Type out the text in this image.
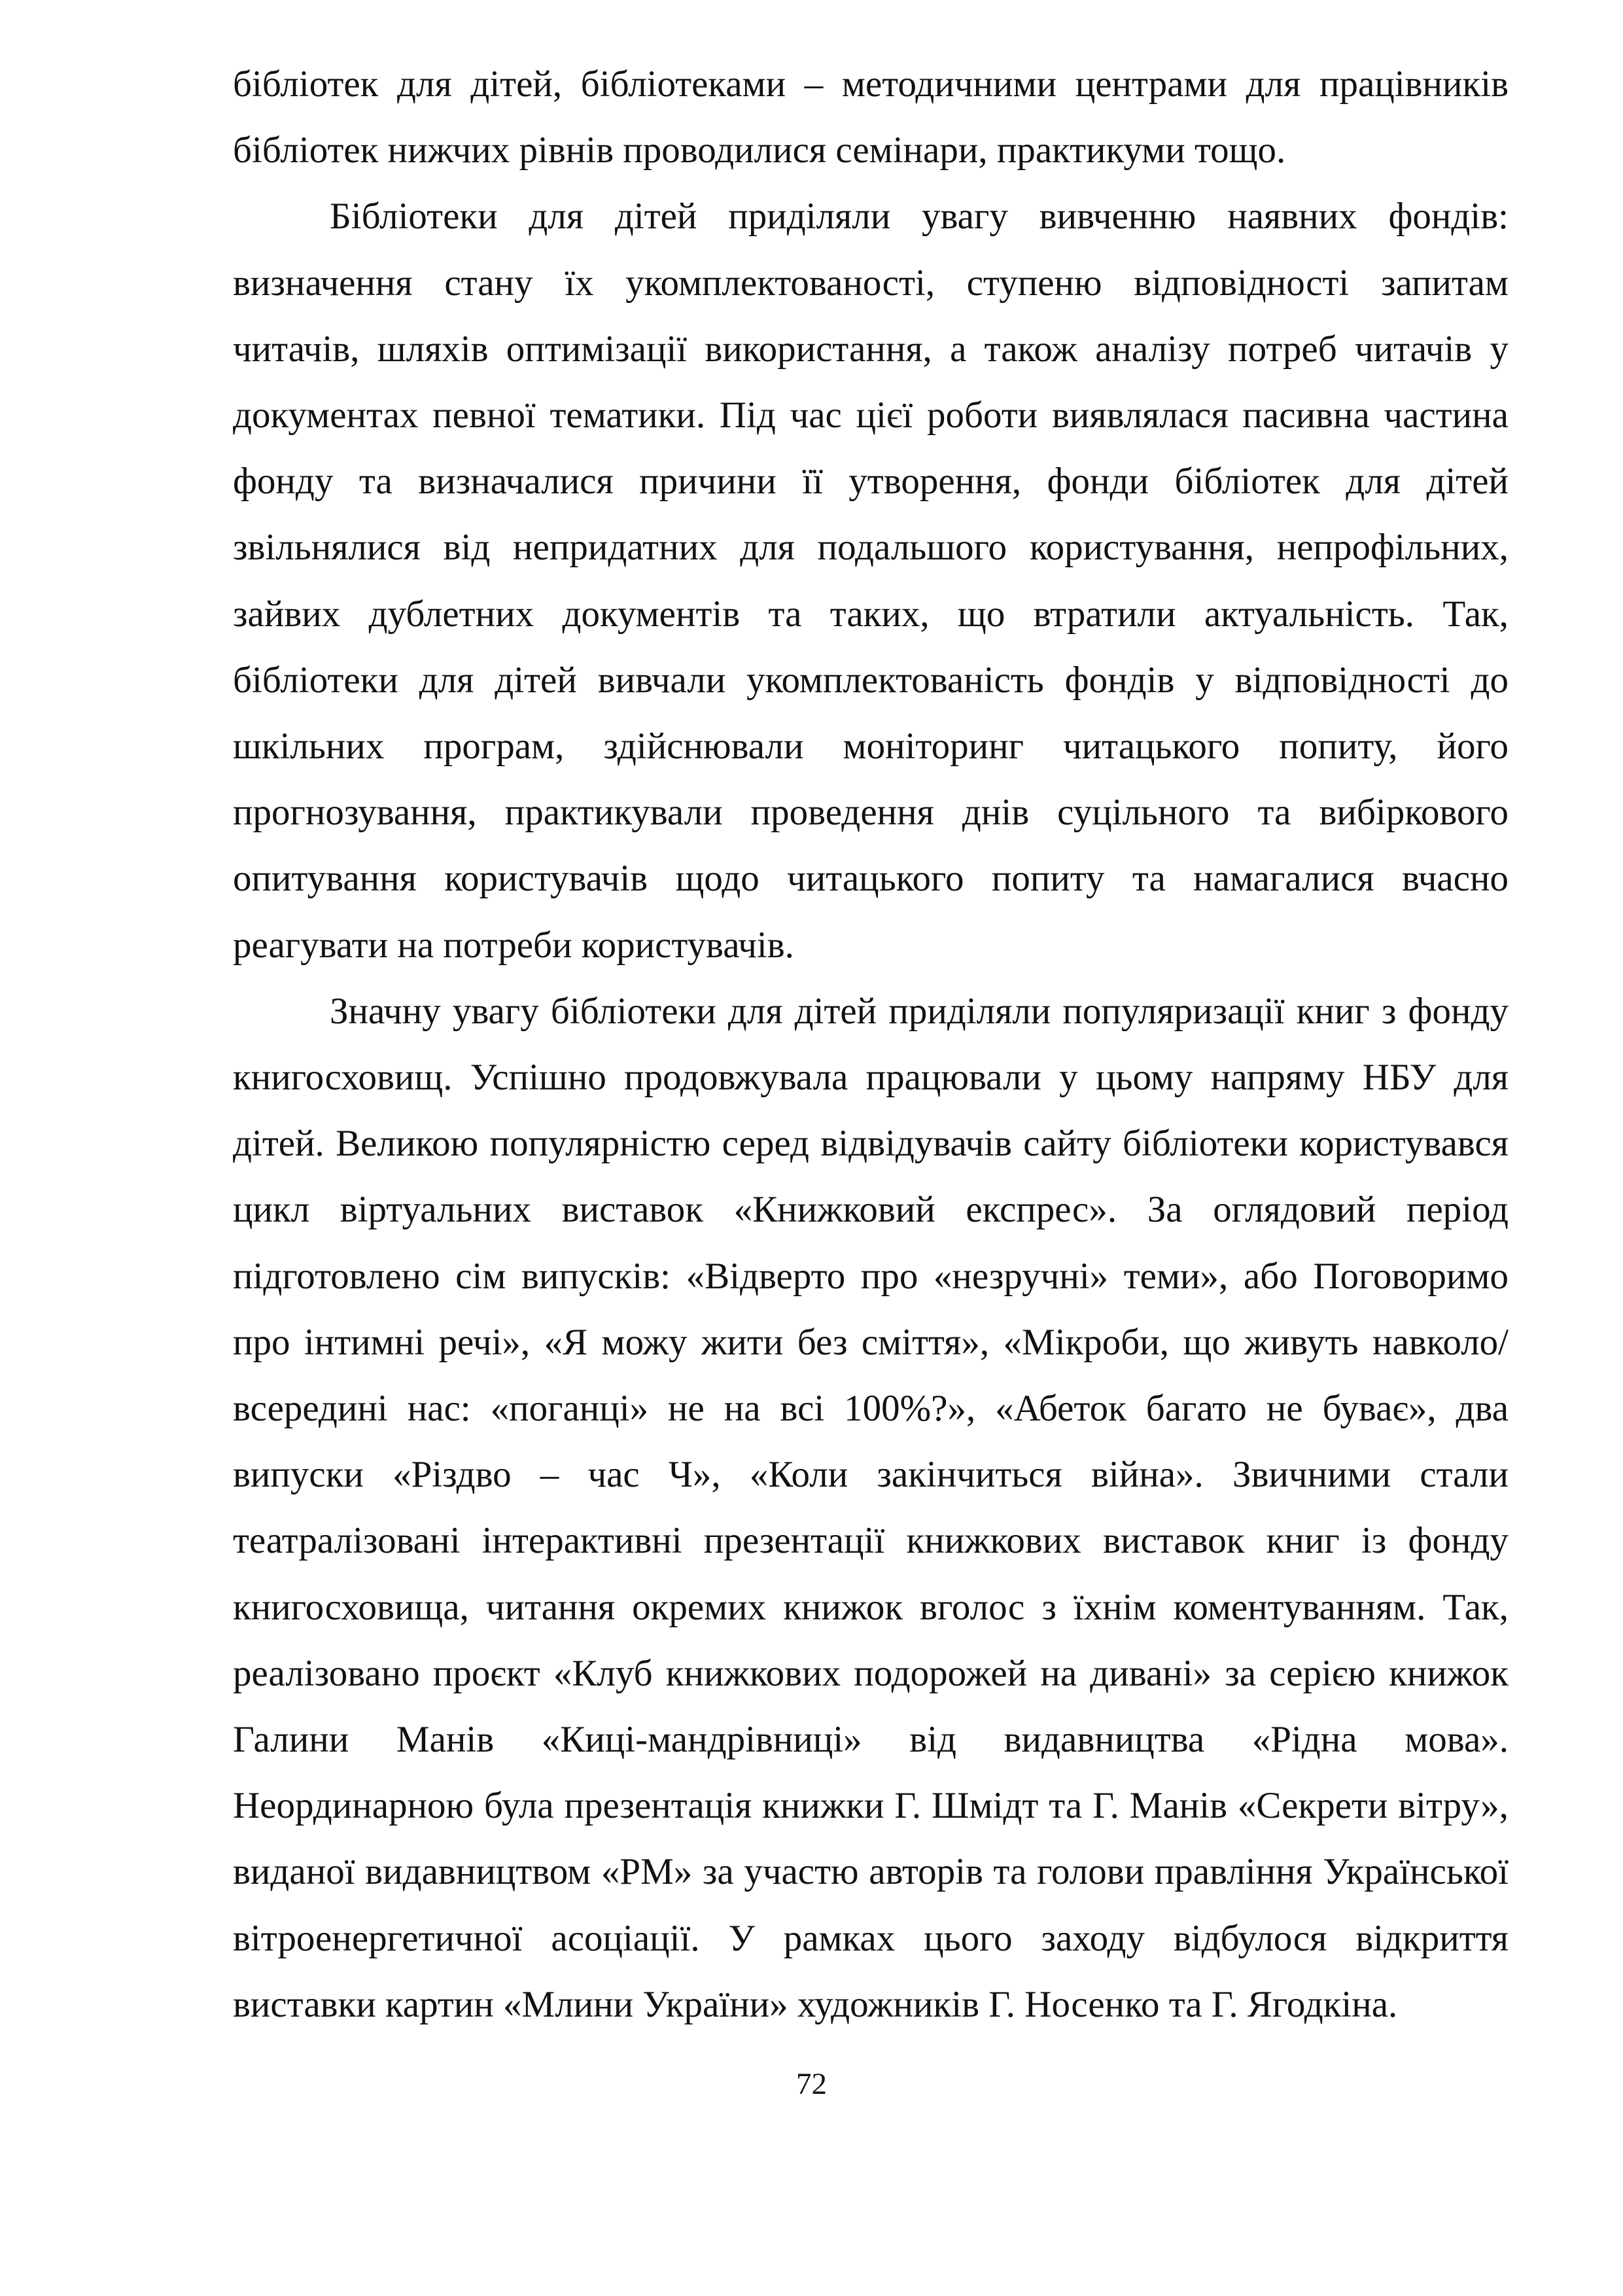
бібліотек для дітей, бібліотеками – методичними центрами для працівників бібліотек нижчих рівнів проводилися семінари, практикуми тощо.

Бібліотеки для дітей приділяли увагу вивченню наявних фондів: визначення стану їх укомплектованості, ступеню відповідності запитам читачів, шляхів оптимізації використання, а також аналізу потреб читачів у документах певної тематики. Під час цієї роботи виявлялася пасивна частина фонду та визначалися причини її утворення, фонди бібліотек для дітей звільнялися від непридатних для подальшого користування, непрофільних, зайвих дублетних документів та таких, що втратили актуальність. Так, бібліотеки для дітей вивчали укомплектованість фондів у відповідності до шкільних програм, здійснювали моніторинг читацького попиту, його прогнозування, практикували проведення днів суцільного та вибіркового опитування користувачів щодо читацького попиту та намагалися вчасно реагувати на потреби користувачів.

Значну увагу бібліотеки для дітей приділяли популяризації книг з фонду книгосховищ. Успішно продовжувала працювали у цьому напряму НБУ для дітей. Великою популярністю серед відвідувачів сайту бібліотеки користувався цикл віртуальних виставок «Книжковий експрес». За оглядовий період підготовлено сім випусків: «Відверто про «незручні» теми», або Поговоримо про інтимні речі», «Я можу жити без сміття», «Мікроби, що живуть навколо/всередині нас: «поганці» не на всі 100%?», «Абеток багато не буває», два випуски «Різдво – час Ч», «Коли закінчиться війна». Звичними стали театралізовані інтерактивні презентації книжкових виставок книг із фонду книгосховища, читання окремих книжок вголос з їхнім коментуванням. Так, реалізовано проєкт «Клуб книжкових подорожей на дивані» за серією книжок Галини Манів «Киці-мандрівниці» від видавництва «Рідна мова». Неординарною була презентація книжки Г. Шмідт та Г. Манів «Секрети вітру», виданої видавництвом «РМ» за участю авторів та голови правління Української вітроенергетичної асоціації. У рамках цього заходу відбулося відкриття виставки картин «Млини України» художників Г. Носенко та Г. Ягодкіна.

72
